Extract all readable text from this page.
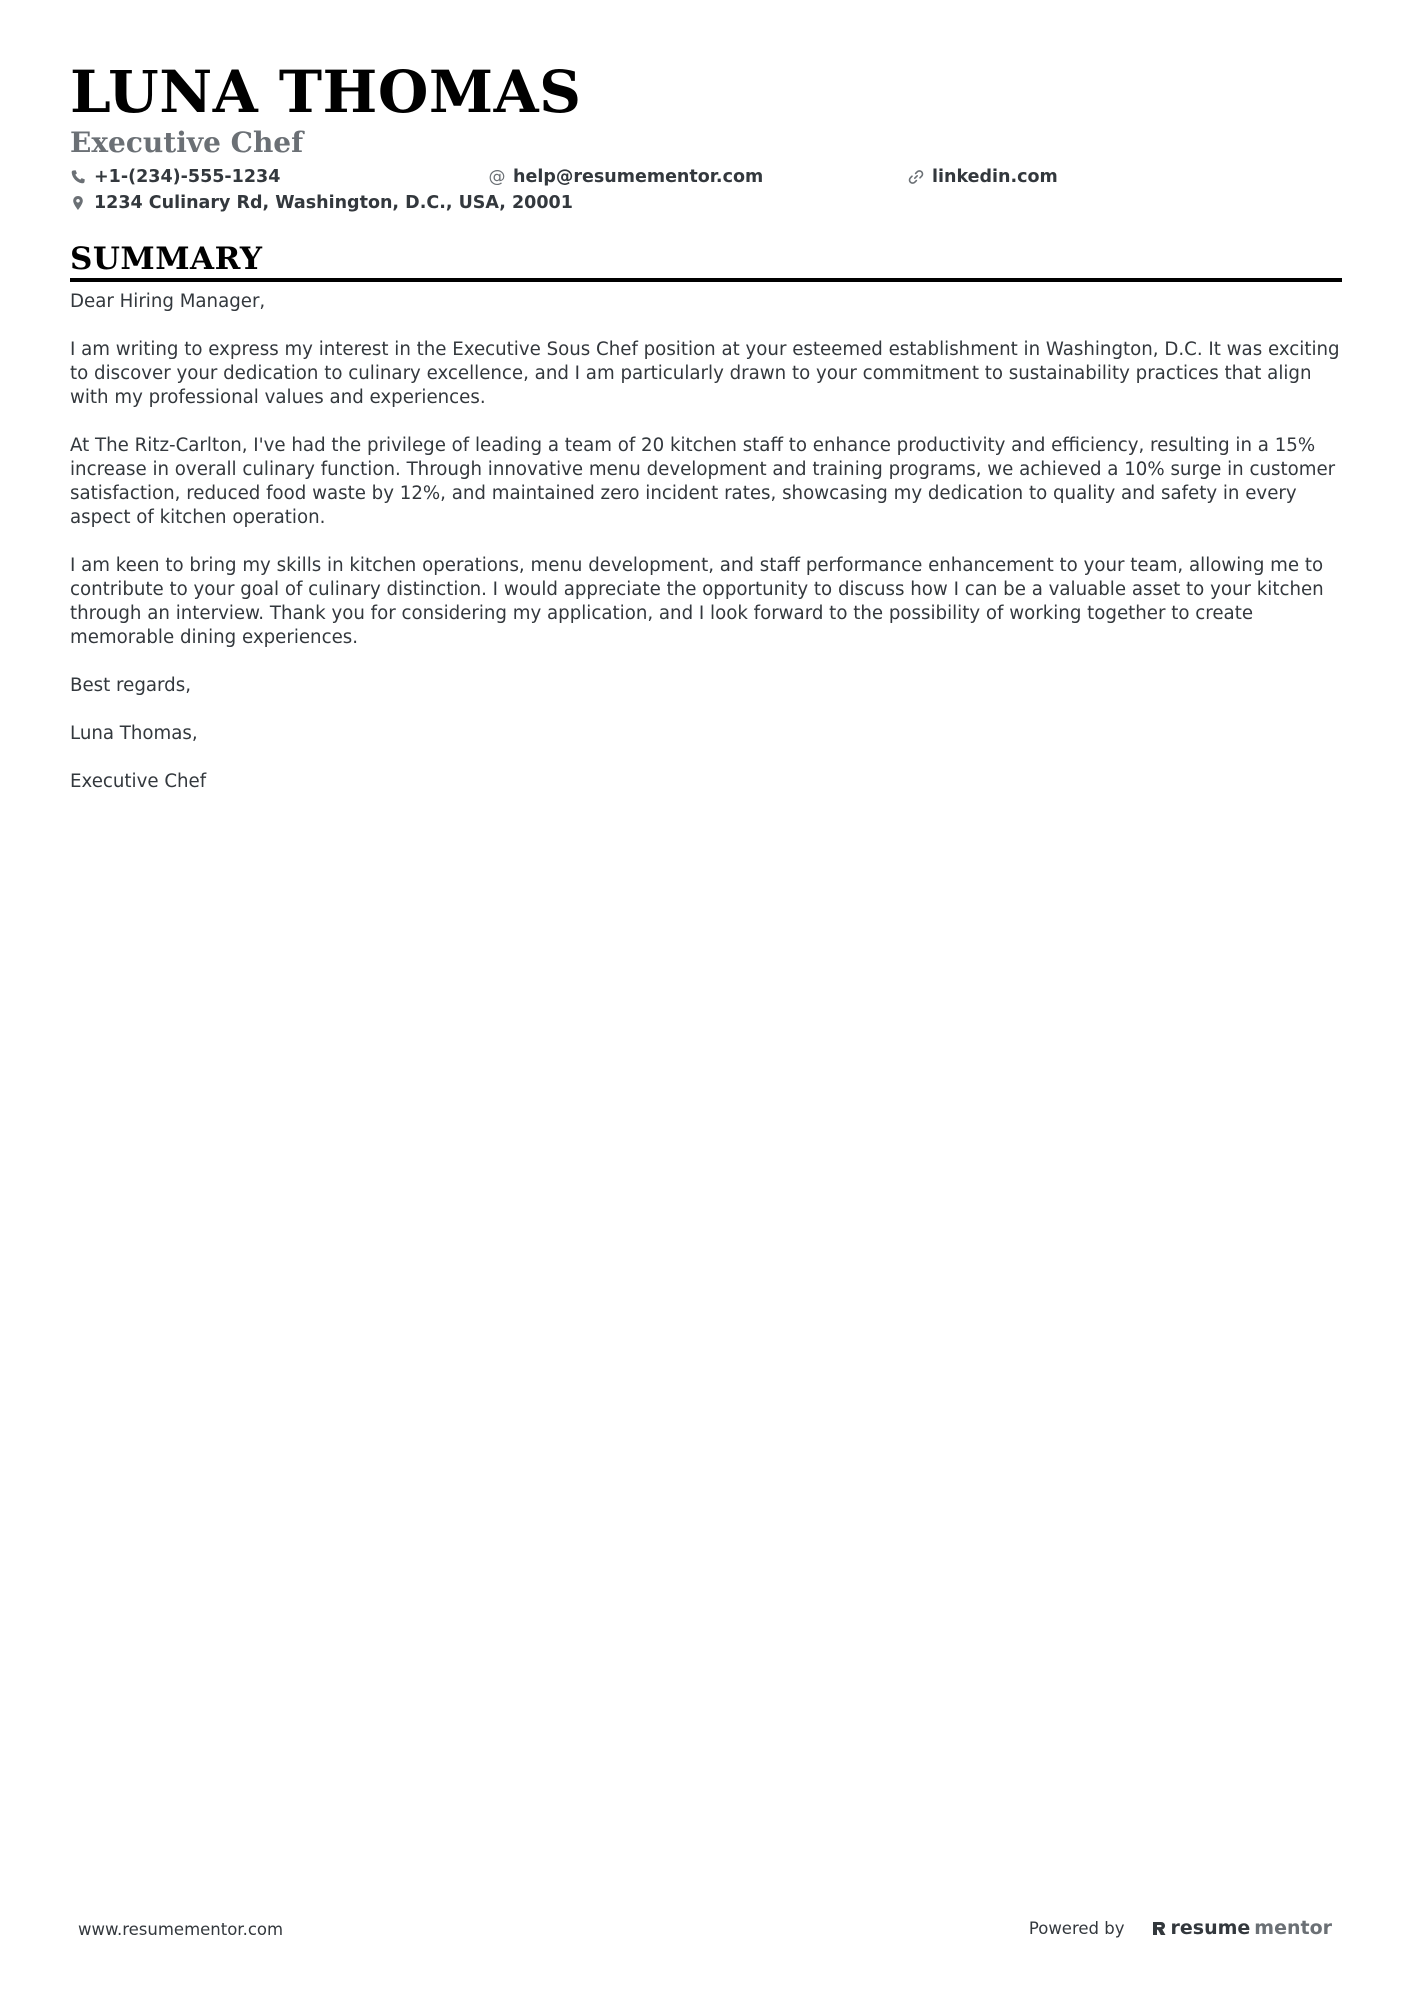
LUNA THOMAS
Executive Chef
+1-(234)-555-1234	@ help@resumementor.com	linkedin.com
1234 Culinary Rd, Washington, D.C., USA, 20001
SUMMARY

Dear Hiring Manager,

I am writing to express my interest in the Executive Sous Chef position at your esteemed establishment in Washington, D.C. It was exciting to discover your dedication to culinary excellence, and I am particularly drawn to your commitment to sustainability practices that align with my professional values and experiences.

At The Ritz-Carlton, I've had the privilege of leading a team of 20 kitchen staff to enhance productivity and efficiency, resulting in a 15% increase in overall culinary function. Through innovative menu development and training programs, we achieved a 10% surge in customer satisfaction, reduced food waste by 12%, and maintained zero incident rates, showcasing my dedication to quality and safety in every aspect of kitchen operation.

I am keen to bring my skills in kitchen operations, menu development, and staff performance enhancement to your team, allowing me to contribute to your goal of culinary distinction. I would appreciate the opportunity to discuss how I can be a valuable asset to your kitchen through an interview. Thank you for considering my application, and I look forward to the possibility of working together to create memorable dining experiences.

Best regards,

Luna Thomas,

Executive Chef

www.resumementor.com	Powered by resume mentor
